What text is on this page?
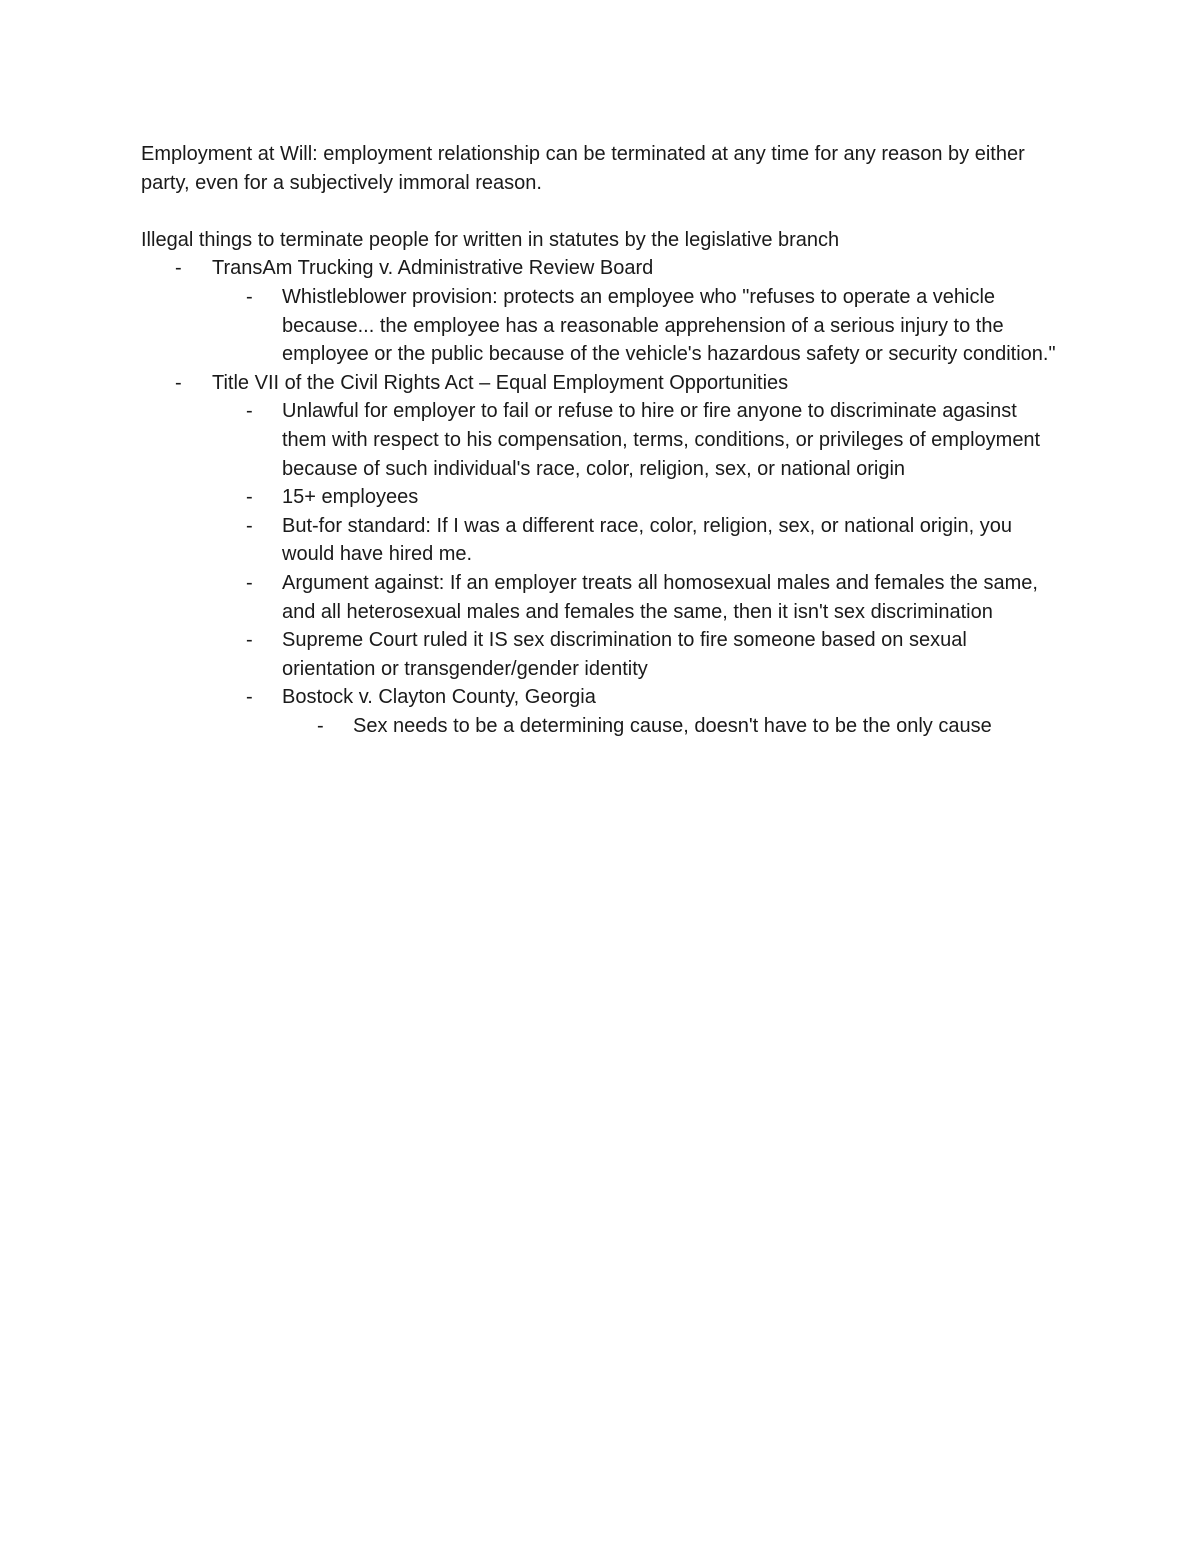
Employment at Will: employment relationship can be terminated at any time for any reason by either party, even for a subjectively immoral reason.

Illegal things to terminate people for written in statutes by the legislative branch

-	TransAm Trucking v. Administrative Review Board
-	Whistleblower provision: protects an employee who "refuses to operate a vehicle because... the employee has a reasonable apprehension of a serious injury to the employee or the public because of the vehicle's hazardous safety or security condition."
-	Title VII of the Civil Rights Act – Equal Employment Opportunities
-	Unlawful for employer to fail or refuse to hire or fire anyone to discriminate agasinst them with respect to his compensation, terms, conditions, or privileges of employment because of such individual's race, color, religion, sex, or national origin
-	15+ employees
-	But-for standard: If I was a different race, color, religion, sex, or national origin, you would have hired me.
-	Argument against: If an employer treats all homosexual males and females the same, and all heterosexual males and females the same, then it isn't sex discrimination
-	Supreme Court ruled it IS sex discrimination to fire someone based on sexual orientation or transgender/gender identity
-	Bostock v. Clayton County, Georgia
-	Sex needs to be a determining cause, doesn't have to be the only cause
